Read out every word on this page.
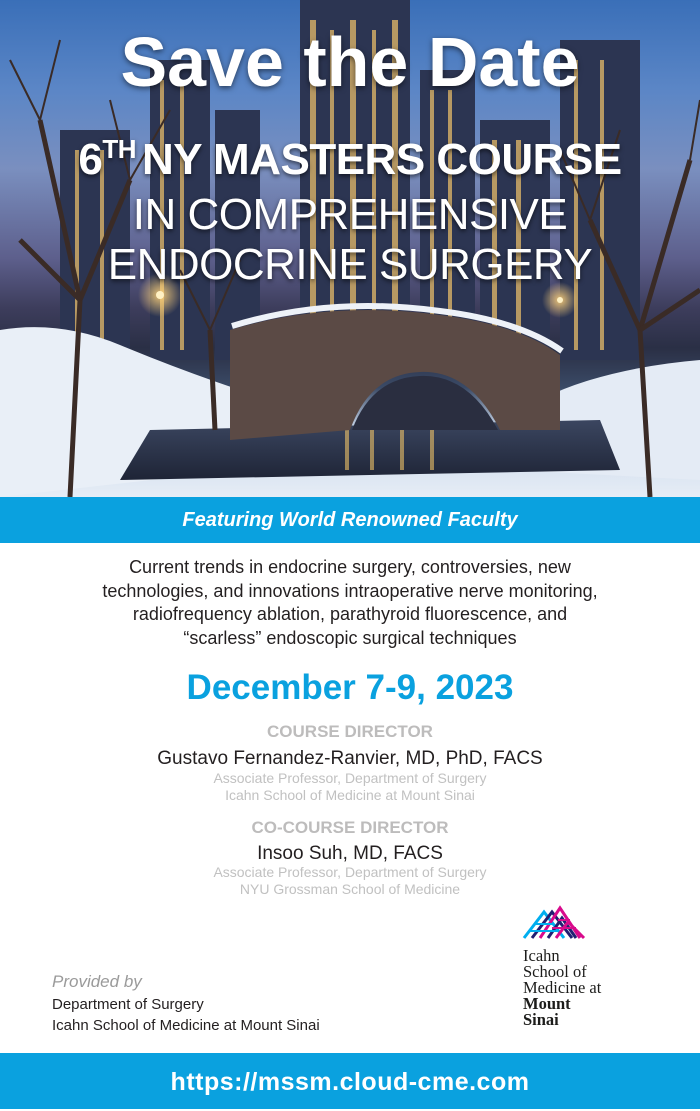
Save the Date
6TH NY MASTERS COURSE
IN COMPREHENSIVE
ENDOCRINE SURGERY
Featuring World Renowned Faculty
Current trends in endocrine surgery, controversies, new
technologies, and innovations intraoperative nerve monitoring,
radiofrequency ablation, parathyroid fluorescence, and
“scarless” endoscopic surgical techniques
December 7-9, 2023
COURSE DIRECTOR
Gustavo Fernandez-Ranvier, MD, PhD, FACS
Associate Professor, Department of Surgery
Icahn School of Medicine at Mount Sinai
CO-COURSE DIRECTOR
Insoo Suh, MD, FACS
Associate Professor, Department of Surgery
NYU Grossman School of Medicine
Provided by
Department of Surgery
Icahn School of Medicine at Mount Sinai
Icahn
School of
Medicine at
Mount
Sinai
https://mssm.cloud-cme.com
